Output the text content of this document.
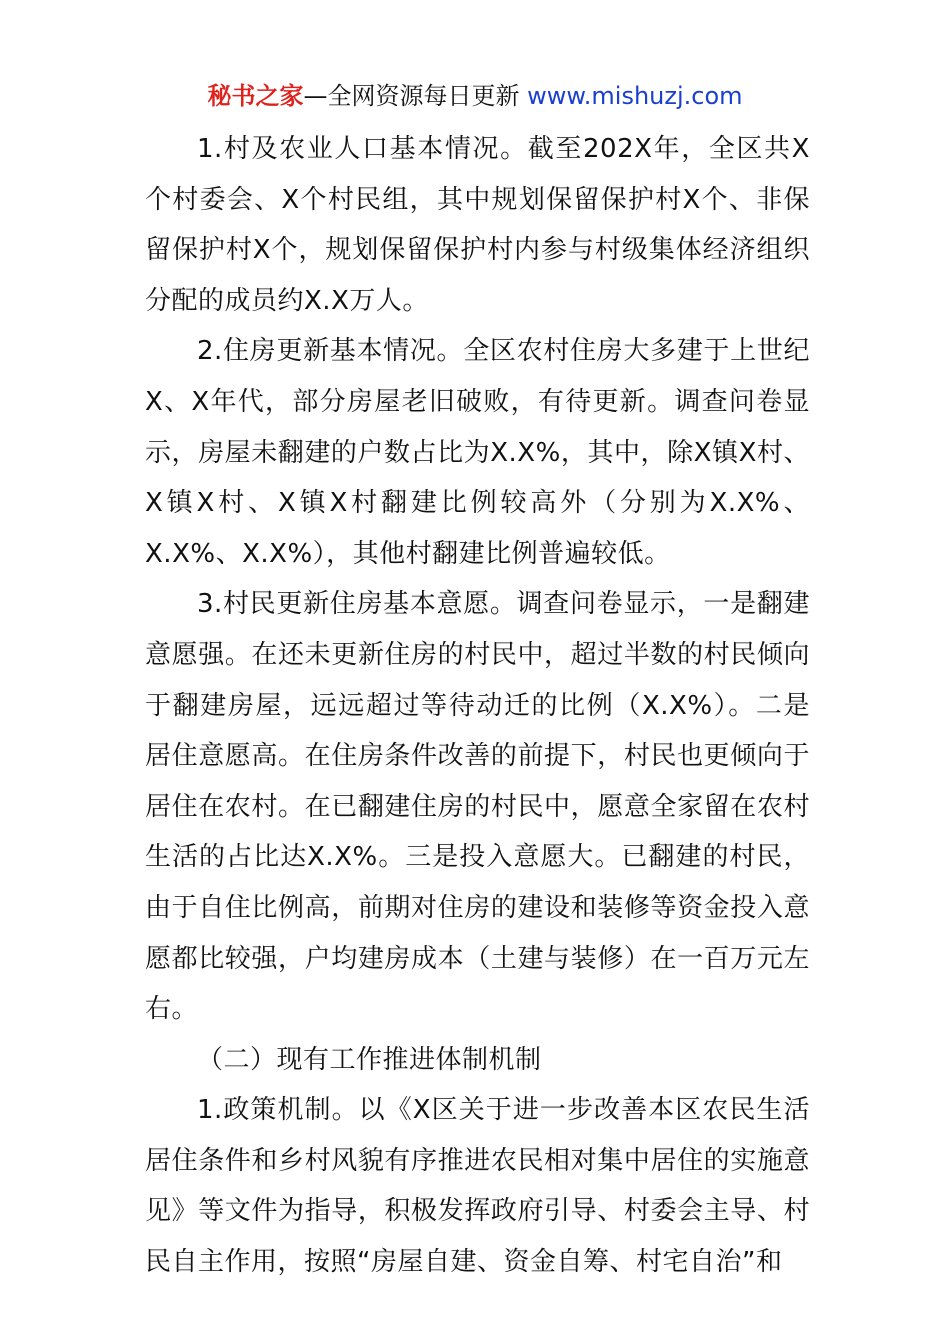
秘书之家—全网资源每日更新 www.mishuzj.com

1.村及农业人口基本情况。截至202X年，全区共X个村委会、X个村民组，其中规划保留保护村X个、非保留保护村X个，规划保留保护村内参与村级集体经济组织分配的成员约X.X万人。

2.住房更新基本情况。全区农村住房大多建于上世纪X、X年代，部分房屋老旧破败，有待更新。调查问卷显示，房屋未翻建的户数占比为X.X%，其中，除X镇X村、X镇X村、X镇X村翻建比例较高外（分别为X.X%、X.X%、X.X%），其他村翻建比例普遍较低。

3.村民更新住房基本意愿。调查问卷显示，一是翻建意愿强。在还未更新住房的村民中，超过半数的村民倾向于翻建房屋，远远超过等待动迁的比例（X.X%）。二是居住意愿高。在住房条件改善的前提下，村民也更倾向于居住在农村。在已翻建住房的村民中，愿意全家留在农村生活的占比达X.X%。三是投入意愿大。已翻建的村民，由于自住比例高，前期对住房的建设和装修等资金投入意愿都比较强，户均建房成本（土建与装修）在一百万元左右。

（二）现有工作推进体制机制

1.政策机制。以《X区关于进一步改善本区农民生活居住条件和乡村风貌有序推进农民相对集中居住的实施意见》等文件为指导，积极发挥政府引导、村委会主导、村民自主作用，按照“房屋自建、资金自筹、村宅自治”和
